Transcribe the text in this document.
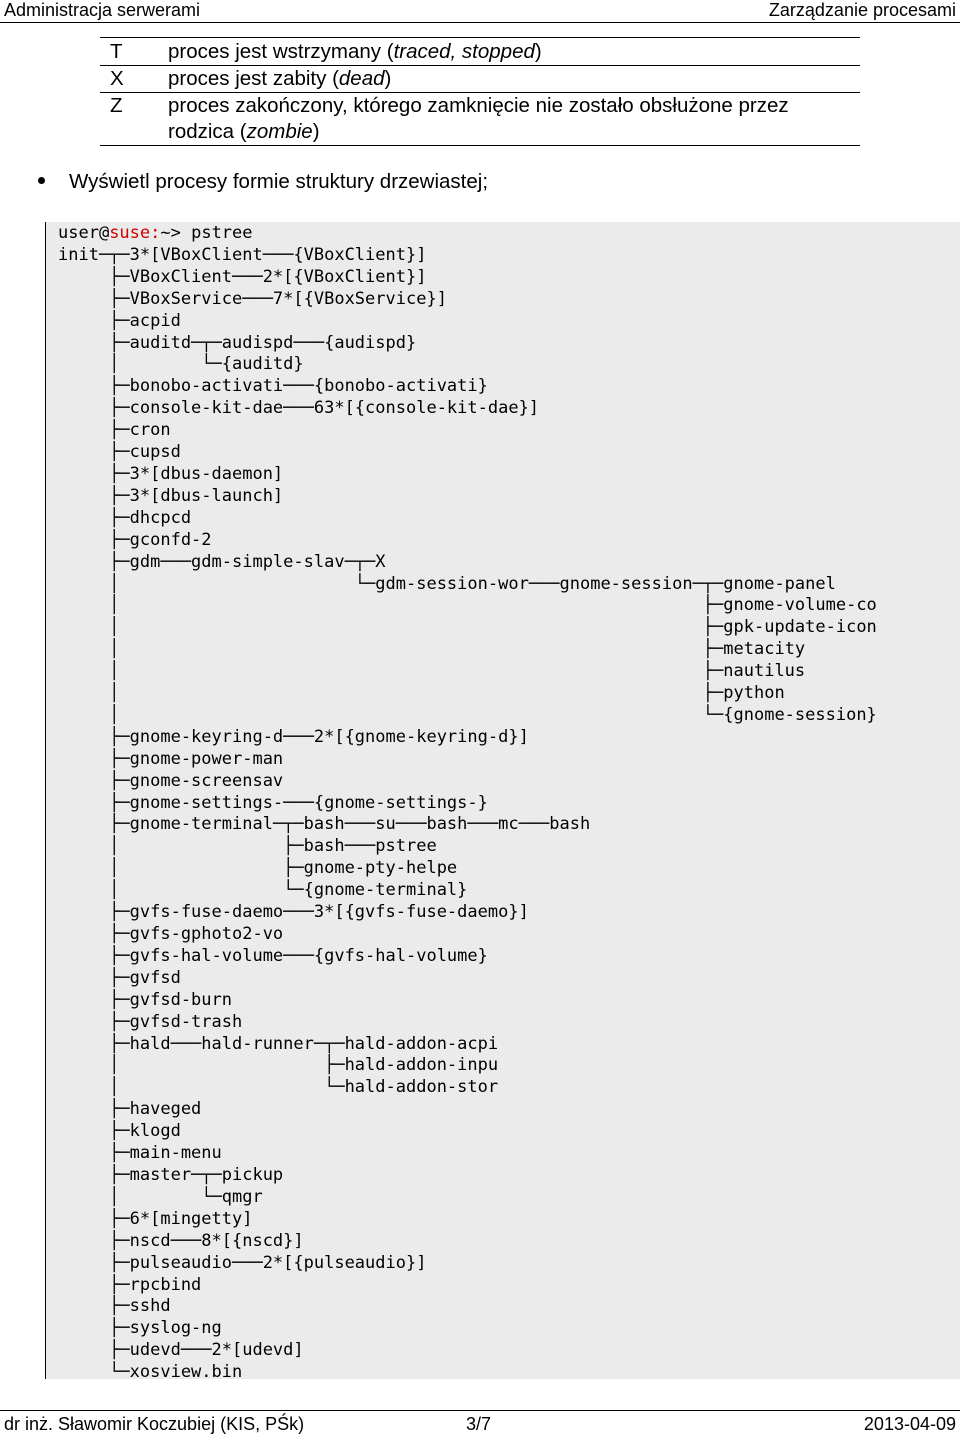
Administracja serwerami	Zarządzanie procesami
T	proces jest wstrzymany (traced, stopped)
X	proces jest zabity (dead)
Z	proces zakończony, którego zamknięcie nie zostało obsłużone przez rodzica (zombie)
Wyświetl procesy formie struktury drzewiastej;
user@suse:~> pstree
init─┬─3*[VBoxClient───{VBoxClient}]
├─VBoxClient───2*[{VBoxClient}]
├─VBoxService───7*[{VBoxService}]
├─acpid
├─auditd─┬─audispd───{audispd}
│        └─{auditd}
├─bonobo-activati───{bonobo-activati}
├─console-kit-dae───63*[{console-kit-dae}]
├─cron
├─cupsd
├─3*[dbus-daemon]
├─3*[dbus-launch]
├─dhcpcd
├─gconfd-2
├─gdm───gdm-simple-slav─┬─X
│                       └─gdm-session-wor───gnome-session─┬─gnome-panel
│                                                         ├─gnome-volume-co
│                                                         ├─gpk-update-icon
│                                                         ├─metacity
│                                                         ├─nautilus
│                                                         ├─python
│                                                         └─{gnome-session}
├─gnome-keyring-d───2*[{gnome-keyring-d}]
├─gnome-power-man
├─gnome-screensav
├─gnome-settings-───{gnome-settings-}
├─gnome-terminal─┬─bash───su───bash───mc───bash
│                ├─bash───pstree
│                ├─gnome-pty-helpe
│                └─{gnome-terminal}
├─gvfs-fuse-daemo───3*[{gvfs-fuse-daemo}]
├─gvfs-gphoto2-vo
├─gvfs-hal-volume───{gvfs-hal-volume}
├─gvfsd
├─gvfsd-burn
├─gvfsd-trash
├─hald───hald-runner─┬─hald-addon-acpi
│                    ├─hald-addon-inpu
│                    └─hald-addon-stor
├─haveged
├─klogd
├─main-menu
├─master─┬─pickup
│        └─qmgr
├─6*[mingetty]
├─nscd───8*[{nscd}]
├─pulseaudio───2*[{pulseaudio}]
├─rpcbind
├─sshd
├─syslog-ng
├─udevd───2*[udevd]
└─xosview.bin
dr inż. Sławomir Koczubiej (KIS, PŚk)	3/7	2013-04-09
